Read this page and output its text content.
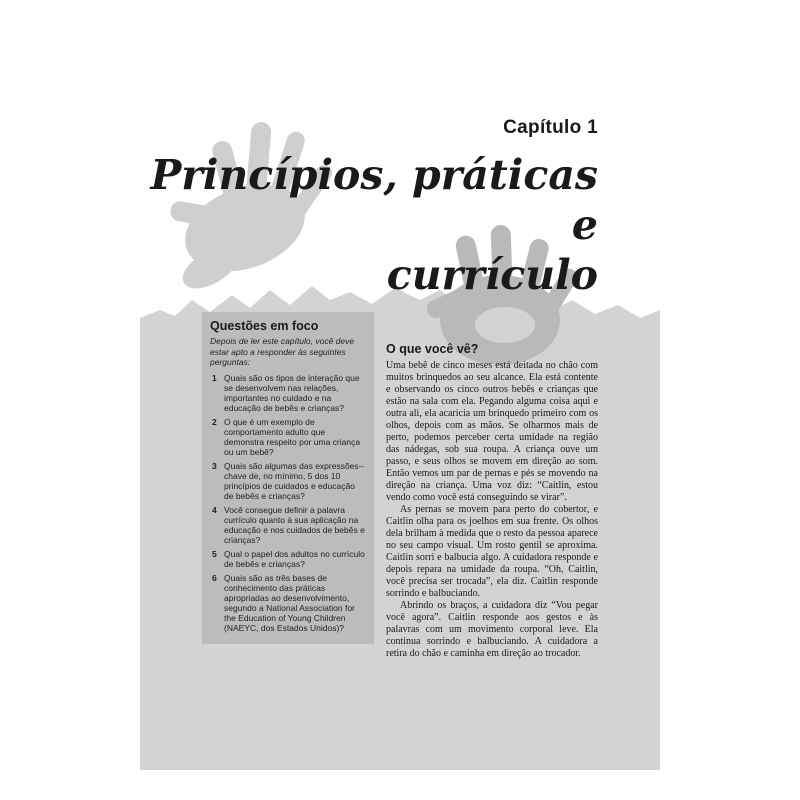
Capítulo 1
Princípios, práticas e
currículo
Questões em foco
Depois de ler este capítulo, você deve estar apto a responder às seguintes perguntas:
1 Quais são os tipos de interação que se desenvolvem nas relações, importantes no cuidado e na educação de bebês e crianças?
2 O que é um exemplo de comportamento adulto que demonstra respeito por uma criança ou um bebê?
3 Quais são algumas das expressões--chave de, no mínimo, 5 dos 10 princípios de cuidados e educação de bebês e crianças?
4 Você consegue definir a palavra currículo quanto à sua aplicação na educação e nos cuidados de bebês e crianças?
5 Qual o papel dos adultos no currículo de bebês e crianças?
6 Quais são as três bases de conhecimento das práticas apropriadas ao desenvolvimento, segundo a National Association for the Education of Young Children (NAEYC, dos Estados Unidos)?
O que você vê?

Uma bebê de cinco meses está deitada no chão com muitos brinquedos ao seu alcance. Ela está contente e observando os cinco outros bebês e crianças que estão na sala com ela. Pegando alguma coisa aqui e outra ali, ela acaricia um brinquedo primeiro com os olhos, depois com as mãos. Se olharmos mais de perto, podemos perceber certa umidade na região das nádegas, sob sua roupa. A criança ouve um passo, e seus olhos se movem em direção ao som. Então vemos um par de pernas e pés se movendo na direção na criança. Uma voz diz: “Caitlin, estou vendo como você está conseguindo se virar”.

As pernas se movem para perto do cobertor, e Caitlin olha para os joelhos em sua frente. Os olhos dela brilham à medida que o resto da pessoa aparece no seu campo visual. Um rosto gentil se aproxima. Caitlin sorri e balbucia algo. A cuidadora responde e depois repara na umidade da roupa. “Oh, Caitlin, você precisa ser trocada”, ela diz. Caitlin responde sorrindo e balbuciando.

Abrindo os braços, a cuidadora diz “Vou pegar você agora”. Caitlin responde aos gestos e às palavras com um movimento corporal leve. Ela continua sorrindo e balbuciando. A cuidadora a retira do chão e caminha em direção ao trocador.
